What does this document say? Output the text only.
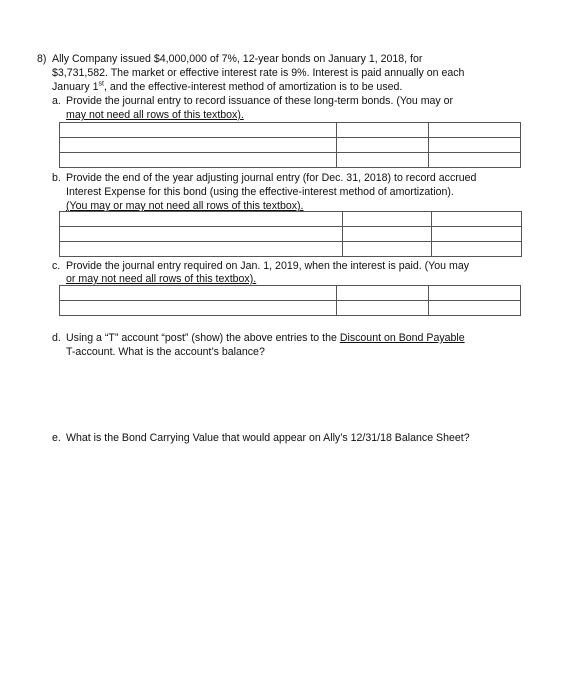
8) Ally Company issued $4,000,000 of 7%, 12-year bonds on January 1, 2018, for
$3,731,582. The market or effective interest rate is 9%. Interest is paid annually on each
January 1st, and the effective-interest method of amortization is to be used.
a. Provide the journal entry to record issuance of these long-term bonds. (You may or
may not need all rows of this textbox).

b. Provide the end of the year adjusting journal entry (for Dec. 31, 2018) to record accrued
Interest Expense for this bond (using the effective-interest method of amortization).
(You may or may not need all rows of this textbox).

c. Provide the journal entry required on Jan. 1, 2019, when the interest is paid. (You may
or may not need all rows of this textbox).

d. Using a “T” account “post” (show) the above entries to the Discount on Bond Payable
T-account. What is the account’s balance?
e. What is the Bond Carrying Value that would appear on Ally’s 12/31/18 Balance Sheet?
